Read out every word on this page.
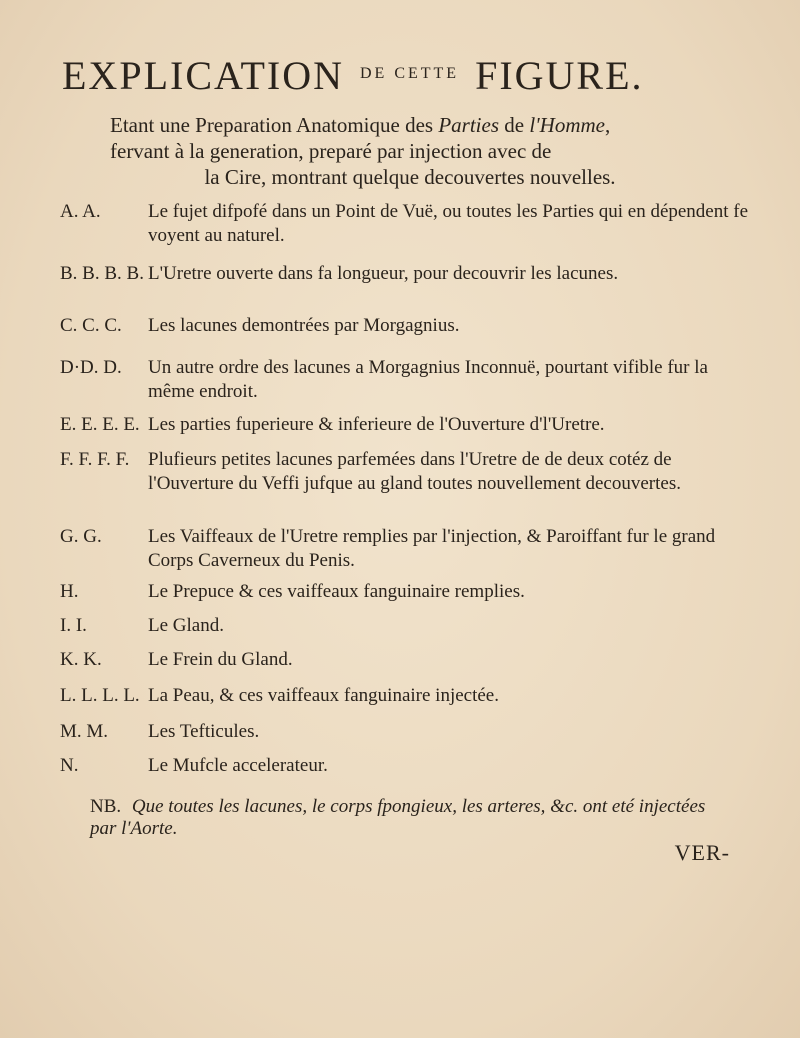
EXPLICATION DE CETTE FIGURE.

Etant une Preparation Anatomique des Parties de l'Homme,

fervant à la generation, preparé par injection avec de

la Cire, montrant quelque decouvertes nouvelles.

A. A. Le fujet difpofé dans un Point de Vuë, ou toutes les Parties qui en dépendent fe voyent au naturel.
B. B. B. B. L'Uretre ouverte dans fa longueur, pour decouvrir les lacunes.
C. C. C. Les lacunes demontrées par Morgagnius.
D·D. D. Un autre ordre des lacunes a Morgagnius Inconnuë, pourtant vifible fur la même endroit.
E. E. E. E. Les parties fuperieure & inferieure de l'Ouverture d'l'Uretre.
F. F. F. F. Plufieurs petites lacunes parfemées dans l'Uretre de de deux cotéz de l'Ouverture du Veffi jufque au gland toutes nouvellement decouvertes.
G. G. Les Vaiffeaux de l'Uretre remplies par l'injection, & Paroiffant fur le grand Corps Caverneux du Penis.
H.	Le Prepuce & ces vaiffeaux fanguinaire remplies.
I. I.	Le Gland.
K. K. Le Frein du Gland.
L. L. L. L. La Peau, & ces vaiffeaux fanguinaire injectée.
M. M. Les Tefticules.
N.	Le Mufcle accelerateur.
NB. Que toutes les lacunes, le corps fpongieux, les arteres, &c. ont eté injectées par l'Aorte.
VER-
